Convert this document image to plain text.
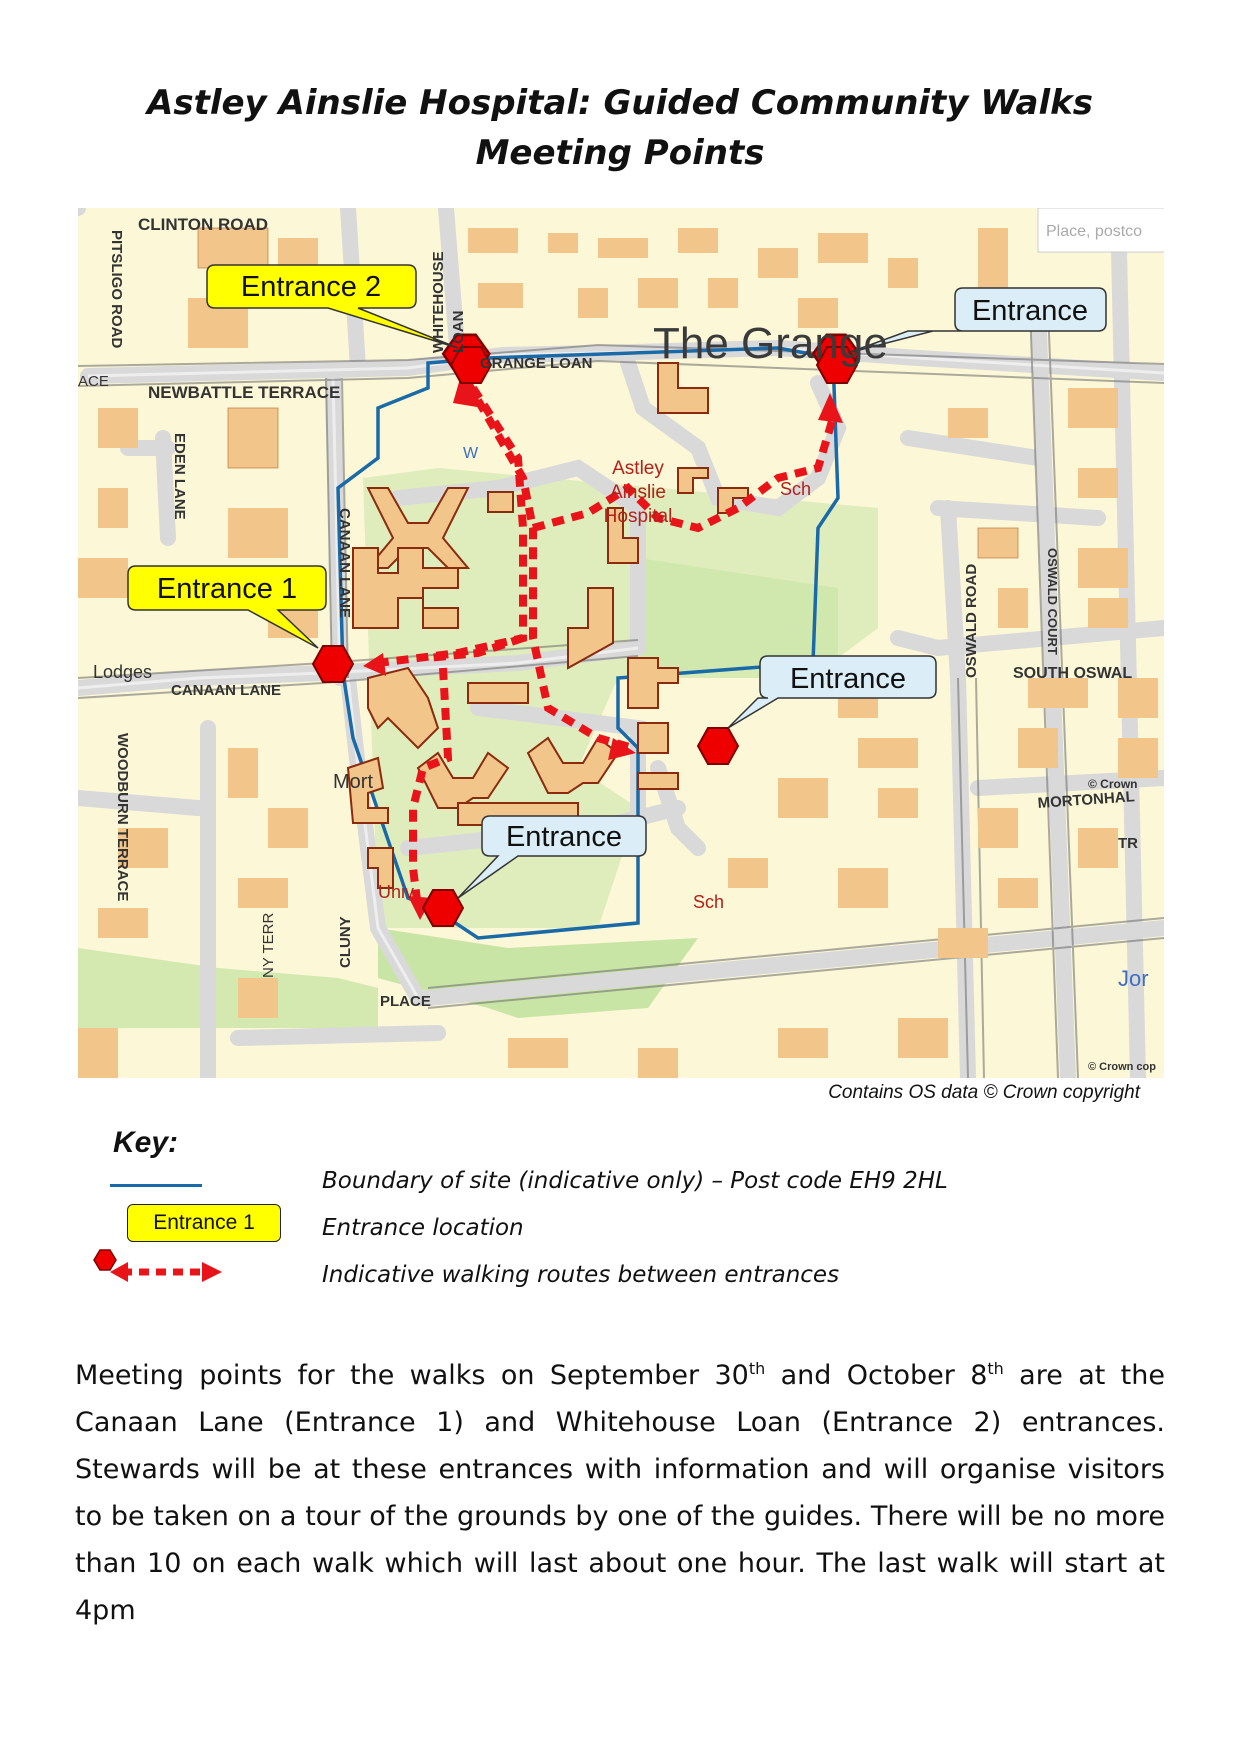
Astley Ainslie Hospital: Guided Community Walks
Meeting Points
Entrance 2
Entrance 1
Entrance
Entrance
Entrance
Place, postco
The Grange
Astley
Ainslie
Hospital
CLINTON ROAD
PITSLIGO ROAD
ACE
NEWBATTLE TERRACE
EDEN LANE
WHITEHOUSE LOAN
GRANGE LOAN
CANAAN LANE
CANAAN LANE
Lodges	OSWALD ROAD	OSWALD COURT
SOUTH OSWAL
MORTONHAL
WOODBURN TERRACE
CLUNY
PLACE
NY TERR
TR
Mort
Univ	Sch
Sch
W
© Crown
© Crown cop
Jor
Contains OS data © Crown copyright
Key:
Boundary of site (indicative only) – Post code EH9 2HL
Entrance 1	Entrance location
Indicative walking routes between entrances
Meeting points for the walks on September 30th and October 8th are at the Canaan Lane (Entrance 1) and Whitehouse Loan (Entrance 2) entrances. Stewards will be at these entrances with information and will organise visitors to be taken on a tour of the grounds by one of the guides. There will be no more than 10 on each walk which will last about one hour. The last walk will start at 4pm
